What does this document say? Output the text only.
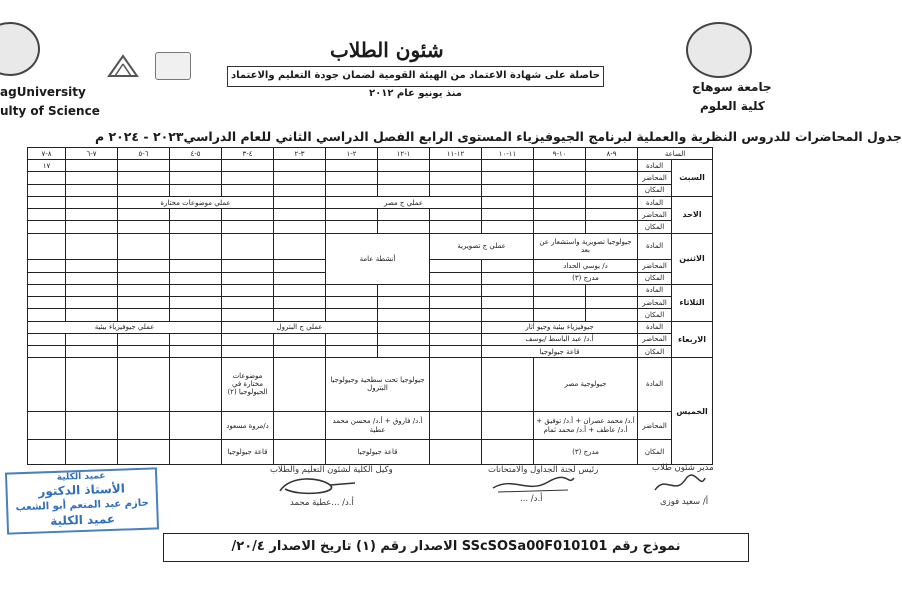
agUniversity
ulty of Science
شئون الطلاب
حاصلة على شهادة الاعتماد من الهيئة القومية لضمان جودة التعليم والاعتماد منذ يونيو عام ٢٠١٢	جامعة سوهاج
كلية العلوم
جدول المحاضرات للدروس النظرية والعملية لبرنامج الجيوفيزياء المستوى الرابع الفصل الدراسي الثاني للعام الدراسي٢٠٢٣ - ٢٠٢٤ م
الساعة		٩-٨	١٠-٩	١١-١٠	١٢-١١	١-١٢	٢-١	٣-٢	٤-٣	٥-٤	٦-٥	٧-٦	٨-٧
السبت	المادة												١٧
	المحاضر												
	المكان												
الاحد	المادة				عملي ج مصر				عملي موضوعات مختارة				
	المحاضر												
	المكان												
الاثنين	المادة	جيولوجيا تصويرية واستشعار عن بعد		عملي ج تصويرية		أنشطة عامة							
	المحاضر	د/ يوسي الحداد											
	المكان	مدرج (٣)											
الثلاثاء	المادة												
	المحاضر												
	المكان												
الاربعاء	المادة	جيوفيزياء بيئية وجيو أثار					عملي ج البترول			عملي جيوفيزياء بيئية			
	المحاضر	أ.د/ عبد الباسط /يوسف											
	المكان	قاعة جيولوجيا											
الخميس	المادة	جيولوجية مصر				جيولوجيا تحت سطحية وجيولوجيا البترول			موضوعات مختارة في الجيولوجيا (٢)				
	المحاضر	أ.د/ محمد عصران + أ.د/ توفيق + أ.د/ عاطف + أ.د/ محمد ثمام				أ.د/ فاروق + أ.د/ محسن محمد عطية			د/مروة مسعود				
	المكان	مدرج (٣)				قاعة جيولوجيا			قاعة جيولوجيا				
مدير شئون طلاب
أ/ سعيد فوزى
رئيس لجنة الجداول والامتحانات
أ.د/ ...
وكيل الكلية لشئون التعليم والطلاب
أ.د/ ...عطية محمد
عميد الكلية
الأستاذ الدكتور
حازم عبد المنعم أبو الشعب
عميد الكلية
نموذج رقم SScSOSa00F010101 الاصدار رقم (١) تاريخ الاصدار ٢٠/٤/
